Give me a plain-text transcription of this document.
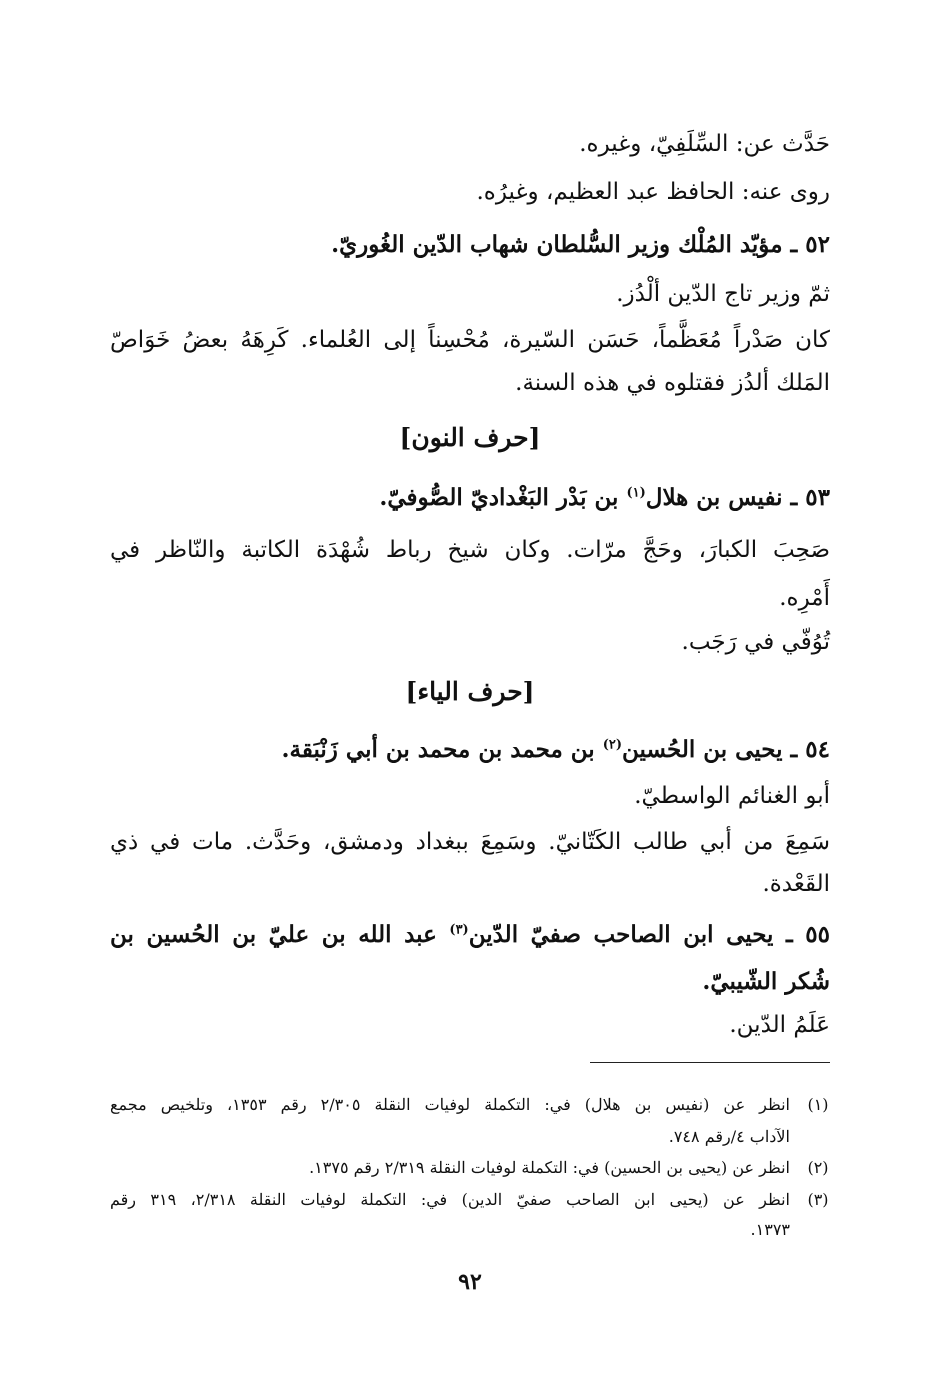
حَدَّث عن: السِّلَفِيّ، وغيره.
روى عنه: الحافظ عبد العظيم، وغيرُه.
٥٢ ـ مؤيّد المُلْك وزير السُّلطان شهاب الدّين الغُوريّ.
ثمّ وزير تاج الدّين ألْدُز.
كان صَدْراً مُعَظَّماً، حَسَن السّيرة، مُحْسِناً إلى العُلماء. كَرِهَهُ بعضُ خَوَاصّ
المَلك ألدُز فقتلوه في هذه السنة.
[حرف النون]
٥٣ ـ نفيس بن هلال$^{(١)}$ بن بَدْر البَغْداديّ الصُّوفيّ.
صَحِبَ الكبارَ، وحَجَّ مرّات. وكان شيخ رباط شُهْدَة الكاتبة والنّاظر في
أَمْرِه.
تُوُفّي في رَجَب.
[حرف الياء]
٥٤ ـ يحيى بن الحُسين$^{(٢)}$ بن محمد بن محمد بن أبي زَنْبَقة.
أبو الغنائم الواسطيّ.
سَمِعَ من أبي طالب الكَتّانيّ. وسَمِعَ ببغداد ودمشق، وحَدَّث. مات في ذي
القَعْدة.
٥٥ ـ يحيى ابن الصاحب صفيّ الدّين$^{(٣)}$ عبد الله بن عليّ بن الحُسين بن
شُكر الشّيبيّ.
عَلَمُ الدّين.
(١)
انظر عن (نفيس بن هلال) في: التكملة لوفيات النقلة ٢/٣٠٥ رقم ١٣٥٣، وتلخيص مجمع
الآداب ٤/رقم ٧٤٨.
(٢)
انظر عن (يحيى بن الحسين) في: التكملة لوفيات النقلة ٢/٣١٩ رقم ١٣٧٥.
(٣)
انظر عن (يحيى ابن الصاحب صفيّ الدين) في: التكملة لوفيات النقلة ٢/٣١٨، ٣١٩ رقم
١٣٧٣.
٩٢
